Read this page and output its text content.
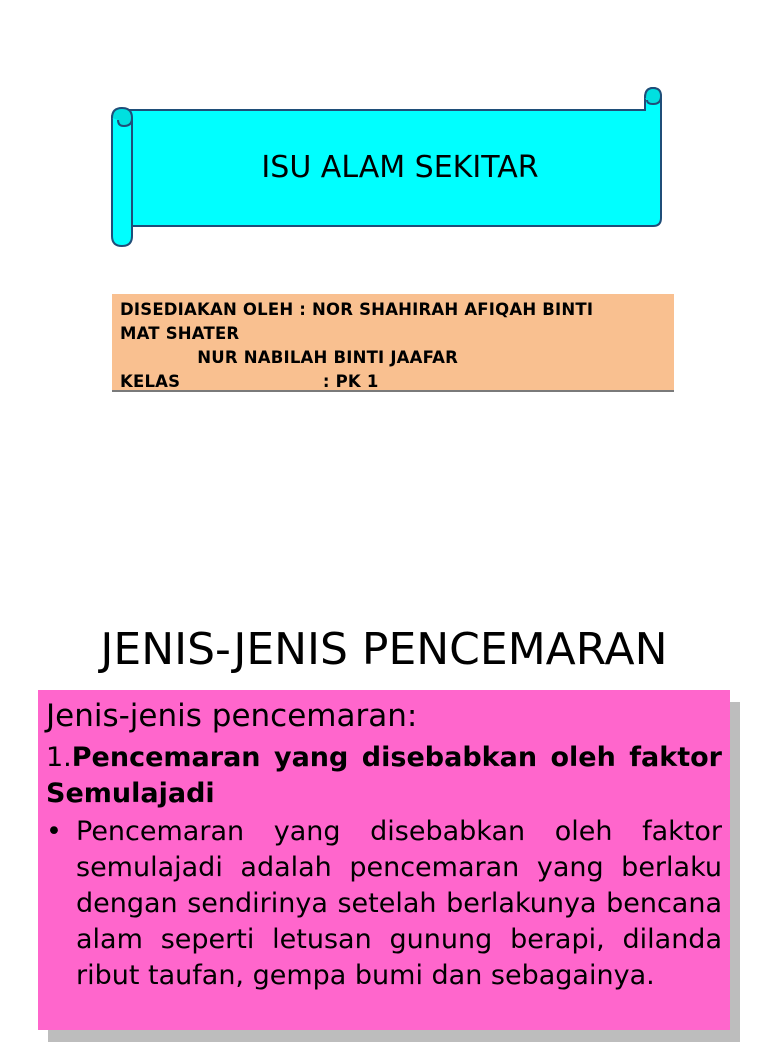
ISU ALAM SEKITAR
DISEDIAKAN OLEH : NOR SHAHIRAH AFIQAH BINTI
MAT SHATER
NUR NABILAH BINTI JAAFAR
KELAS                        : PK 1
JENIS-JENIS PENCEMARAN
Jenis-jenis pencemaran:
1.Pencemaran yang disebabkan oleh faktor Semulajadi
• Pencemaran yang disebabkan oleh faktor semulajadi adalah pencemaran yang berlaku dengan sendirinya setelah berlakunya bencana alam seperti letusan gunung berapi, dilanda ribut taufan, gempa bumi dan sebagainya.
